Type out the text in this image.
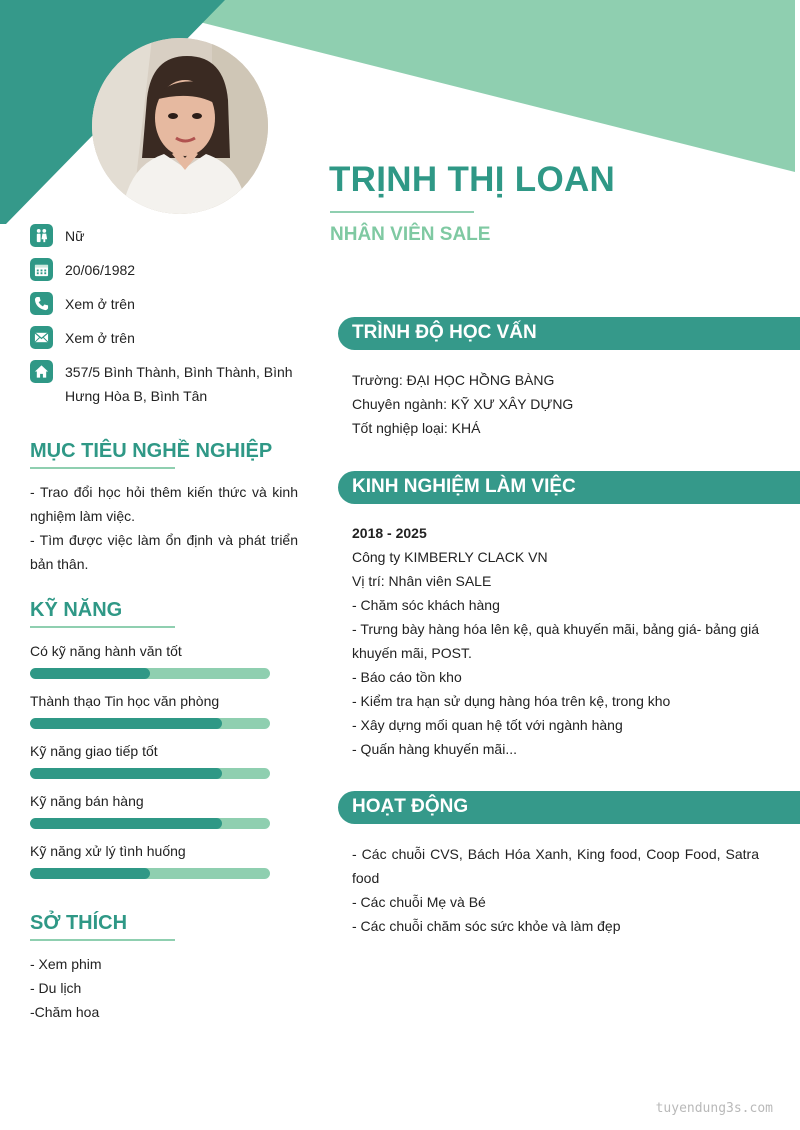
TRỊNH THỊ LOAN
NHÂN VIÊN SALE
Nữ
20/06/1982
Xem ở trên
Xem ở trên
357/5 Bình Thành, Bình Thành, Bình Hưng Hòa B, Bình Tân
MỤC TIÊU NGHỀ NGHIỆP
- Trao đổi học hỏi thêm kiến thức và kinh nghiệm làm việc.
- Tìm được việc làm ổn định và phát triển bản thân.
KỸ NĂNG
Có kỹ năng hành văn tốt
Thành thạo Tin học văn phòng
Kỹ năng giao tiếp tốt
Kỹ năng bán hàng
Kỹ năng xử lý tình huống
SỞ THÍCH
- Xem phim
- Du lịch
-Chăm hoa
TRÌNH ĐỘ HỌC VẤN
Trường: ĐẠI HỌC HỒNG BÀNG
Chuyên ngành: KỸ XƯ XÂY DỰNG
Tốt nghiệp loại: KHÁ
KINH NGHIỆM LÀM VIỆC
2018 - 2025
Công ty KIMBERLY CLACK VN
Vị trí: Nhân viên SALE
- Chăm sóc khách hàng
- Trưng bày hàng hóa lên kệ, quà khuyến mãi, bảng giá- bảng giá khuyến mãi, POST.
- Báo cáo tồn kho
- Kiểm tra hạn sử dụng hàng hóa trên kệ, trong kho
- Xây dựng mối quan hệ tốt với ngành hàng
- Quấn hàng khuyến mãi...
HOẠT ĐỘNG
- Các chuỗi CVS, Bách Hóa Xanh, King food, Coop Food, Satra food
- Các chuỗi Mẹ và Bé
- Các chuỗi chăm sóc sức khỏe và làm đẹp
tuyendung3s.com
